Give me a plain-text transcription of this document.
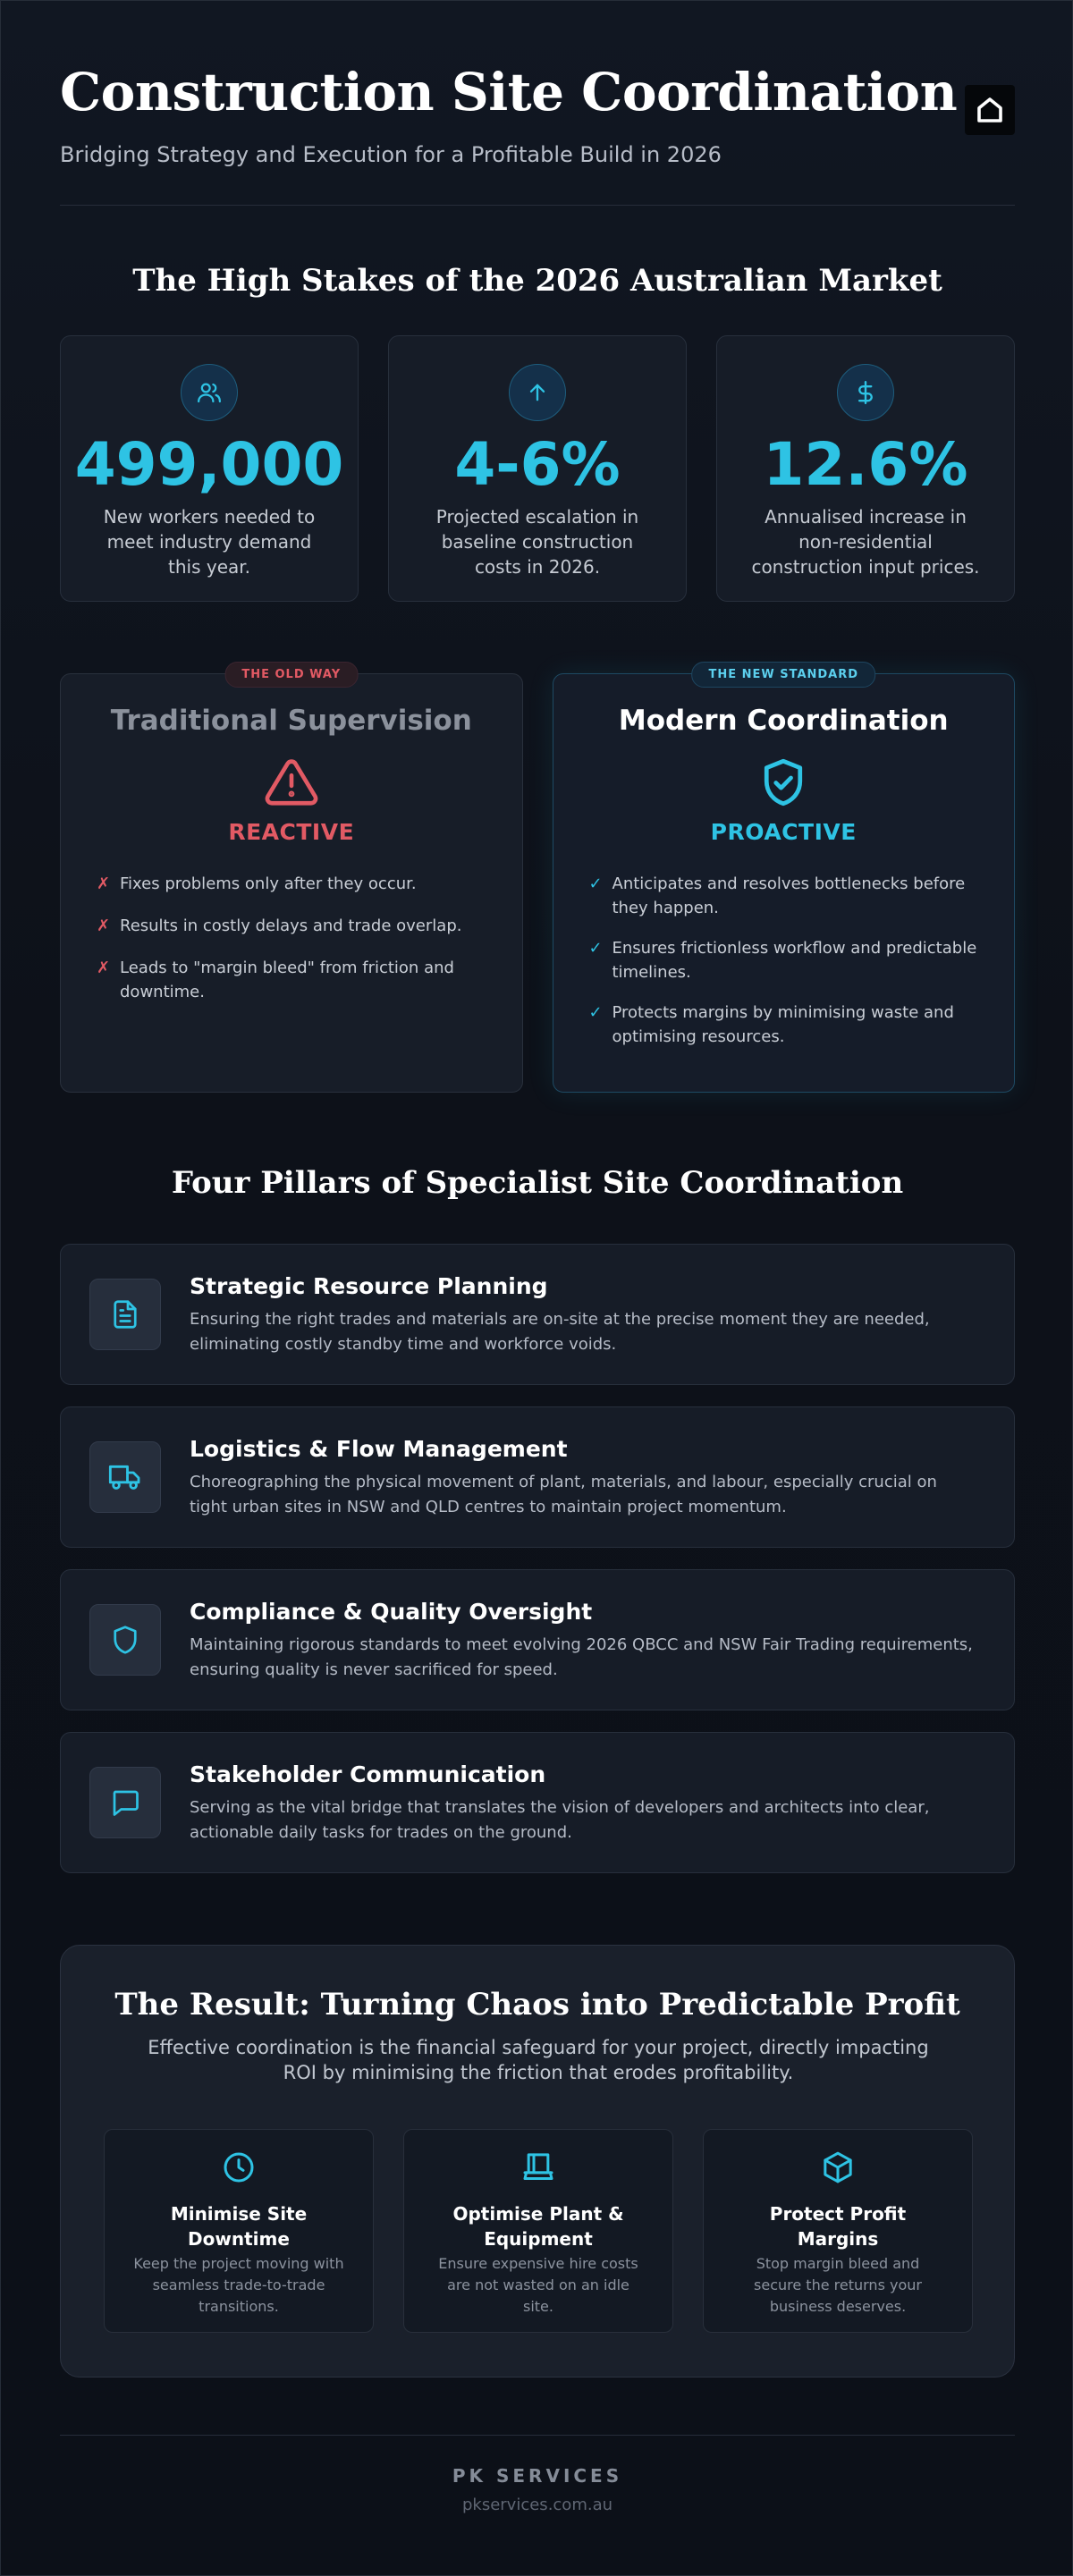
Construction Site Coordination

Bridging Strategy and Execution for a Profitable Build in 2026

The High Stakes of the 2026 Australian Market
499,000
New workers needed to meet industry demand this year.
4-6%
Projected escalation in baseline construction costs in 2026.
12.6%
Annualised increase in non-residential construction input prices.
THE OLD WAY
Traditional Supervision
REACTIVE
✗ Fixes problems only after they occur.
✗ Results in costly delays and trade overlap.
✗ Leads to "margin bleed" from friction and downtime.
THE NEW STANDARD
Modern Coordination
PROACTIVE
✓ Anticipates and resolves bottlenecks before they happen.
✓ Ensures frictionless workflow and predictable timelines.
✓ Protects margins by minimising waste and optimising resources.
Four Pillars of Specialist Site Coordination
Strategic Resource Planning
Ensuring the right trades and materials are on-site at the precise moment they are needed, eliminating costly standby time and workforce voids.
Logistics & Flow Management
Choreographing the physical movement of plant, materials, and labour, especially crucial on tight urban sites in NSW and QLD centres to maintain project momentum.
Compliance & Quality Oversight
Maintaining rigorous standards to meet evolving 2026 QBCC and NSW Fair Trading requirements, ensuring quality is never sacrificed for speed.
Stakeholder Communication
Serving as the vital bridge that translates the vision of developers and architects into clear, actionable daily tasks for trades on the ground.
The Result: Turning Chaos into Predictable Profit

Effective coordination is the financial safeguard for your project, directly impacting ROI by minimising the friction that erodes profitability.

Minimise Site Downtime
Keep the project moving with seamless trade-to-trade transitions.
Optimise Plant & Equipment
Ensure expensive hire costs are not wasted on an idle site.
Protect Profit Margins
Stop margin bleed and secure the returns your business deserves.
PK SERVICES
pkservices.com.au
